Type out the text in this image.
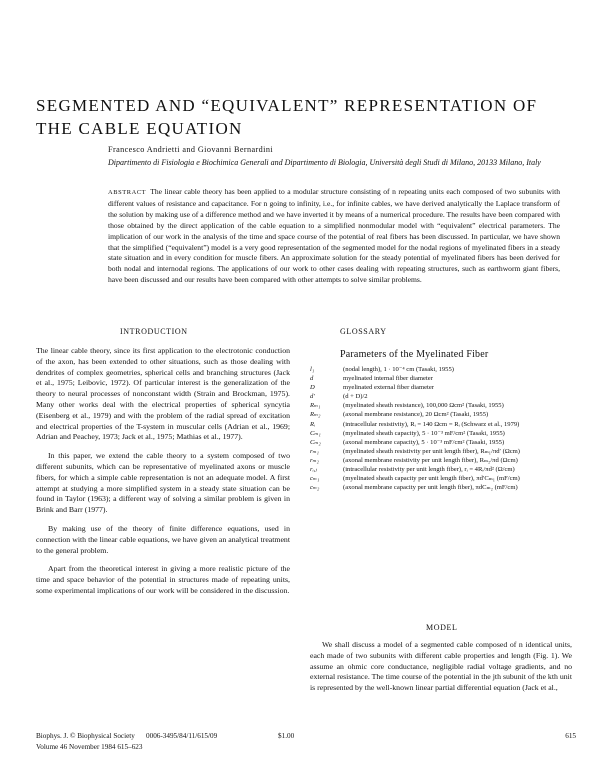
SEGMENTED AND “EQUIVALENT” REPRESENTATION OF THE CABLE EQUATION
Francesco Andrietti and Giovanni Bernardini
Dipartimento di Fisiologia e Biochimica Generali and Dipartimento di Biologia, Università degli Studi di Milano, 20133 Milano, Italy
ABSTRACT The linear cable theory has been applied to a modular structure consisting of n repeating units each composed of two subunits with different values of resistance and capacitance. For n going to infinity, i.e., for infinite cables, we have derived analytically the Laplace transform of the solution by making use of a difference method and we have inverted it by means of a numerical procedure. The results have been compared with those obtained by the direct application of the cable equation to a simplified nonmodular model with “equivalent” electrical parameters. The implication of our work in the analysis of the time and space course of the potential of real fibers has been discussed. In particular, we have shown that the simplified (“equivalent”) model is a very good representation of the segmented model for the nodal regions of myelinated fibers in a steady state situation and in every condition for muscle fibers. An approximate solution for the steady potential of myelinated fibers has been derived for both nodal and internodal regions. The applications of our work to other cases dealing with repeating structures, such as earthworm giant fibers, have been discussed and our results have been compared with other attempts to solve similar problems.
INTRODUCTION	GLOSSARY
Parameters of the Myelinated Fiber

The linear cable theory, since its first application to the electrotonic conduction of the axon, has been extended to other situations, such as those dealing with dendrites of complex geometries, spherical cells and branching structures (Jack et al., 1975; Leibovic, 1972). Of particular interest is the generalization of the theory to neural processes of nonconstant width (Strain and Brockman, 1975). Many other works deal with the electrical properties of spherical syncytia (Eisenberg et al., 1979) and with the problem of the radial spread of excitation and electrical properties of the T-system in muscular cells (Adrian et al., 1969; Adrian and Peachey, 1973; Jack et al., 1975; Mathias et al., 1977).

In this paper, we extend the cable theory to a system composed of two different subunits, which can be representative of myelinated axons or muscle fibers, for which a simple cable representation is not an adequate model. A first attempt at studying a more simplified system in a steady state situation can be found in Taylor (1963); a different way of solving a similar problem is given in Brink and Barr (1977).

By making use of the theory of finite difference equations, used in connection with the linear cable equations, we have given an analytical treatment to the general problem.

Apart from the theoretical interest in giving a more realistic picture of the time and space behavior of the potential in structures made of repeating units, some experimental implications of our work will be considered in the discussion.

l₁	(nodal length), 1 · 10⁻⁴ cm (Tasaki, 1955)
d	myelinated internal fiber diameter
D	myelinated external fiber diameter
d′	(d + D)/2
Rₘ₁	(myelinated sheath resistance), 100,000 Ωcm² (Tasaki, 1955)
Rₘ₂	(axonal membrane resistance), 20 Ωcm² (Tasaki, 1955)
Rᵢ	(intracellular resistivity), Rᵢ = 140 Ωcm = Rᵢ (Schwarz et al., 1979)
Cₘ₁	(myelinated sheath capacity), 5 · 10⁻³ mF/cm² (Tasaki, 1955)
Cₘ₂	(axonal membrane capacity), 5 · 10⁻³ mF/cm² (Tasaki, 1955)
rₘ₁	(myelinated sheath resistivity per unit length fiber), Rₘ₁/πd′ (Ωcm)
rₘ₂	(axonal membrane resistivity per unit length fiber), Rₘ₂/πd (Ωcm)
rᵢ,ⱼ	(intracellular resistivity per unit length fiber), rᵢ = 4Rᵢ/πd² (Ω/cm)
cₘ₁	(myelinated sheath capacity per unit length fiber), πd′Cₘ₁ (mF/cm)
cₘ₂	(axonal membrane capacity per unit length fiber), πdCₘ₂ (mF/cm)
MODEL

We shall discuss a model of a segmented cable composed of n identical units, each made of two subunits with different cable properties and length (Fig. 1). We assume an ohmic core conductance, negligible radial voltage gradients, and no external resistance. The time course of the potential in the jth subunit of the kth unit is represented by the well-known linear partial differential equation (Jack et al.,

Biophys. J. © Biophysical Society
Volume 46 November 1984 615–623
0006-3495/84/11/615/09	$1.00	615
